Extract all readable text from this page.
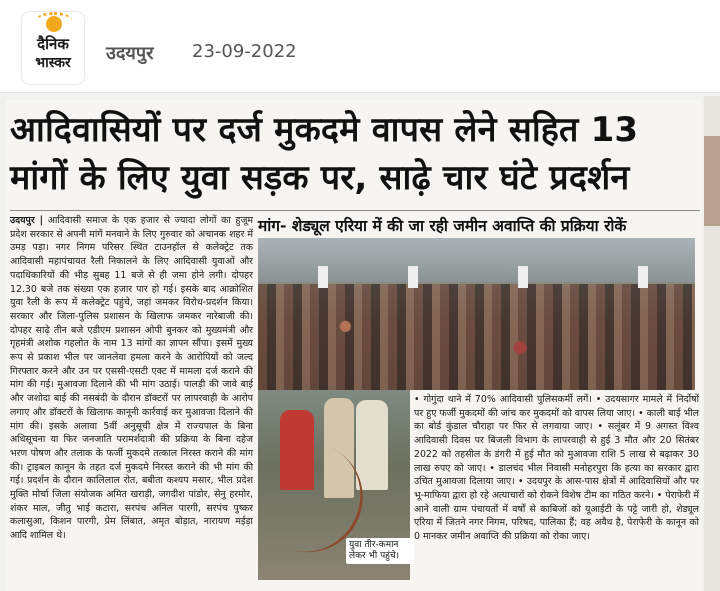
दैनिक
भास्कर	उदयपुर 23-09-2022
आदिवासियों पर दर्ज मुकदमे वापस लेने सहित 13
मांगों के लिए युवा सड़क पर, साढ़े चार घंटे प्रदर्शन
उदयपुर | आदिवासी समाज के एक हजार से ज्यादा लोगों का हुजूम प्रदेश सरकार से अपनी मांगें मनवाने के लिए गुरुवार को अचानक शहर में उमड़ पड़ा। नगर निगम परिसर स्थित टाउनहॉल से कलेक्ट्रेट तक आदिवासी महापंचायत रैली निकालने के लिए आदिवासी युवाओं और पदाधिकारियों की भीड़ सुबह 11 बजे से ही जमा होने लगी। दोपहर 12.30 बजे तक संख्या एक हजार पार हो गई। इसके बाद आक्रोशित युवा रैली के रूप में कलेक्ट्रेट पहुंचे, जहां जमकर विरोध-प्रदर्शन किया। सरकार और जिला-पुलिस प्रशासन के खिलाफ जमकर नारेबाजी की। दोपहर साढ़े तीन बजे एडीएम प्रशासन ओपी बुनकर को मुख्यमंत्री और गृहमंत्री अशोक गहलोत के नाम 13 मांगों का ज्ञापन सौंपा। इसमें मुख्य रूप से प्रकाश भील पर जानलेवा हमला करने के आरोपियों को जल्द गिरफ्तार करने और उन पर एससी-एसटी एक्ट में मामला दर्ज कराने की मांग की गई। मुआवजा दिलाने की भी मांग उठाई। पालड़ी की जावे बाई और जशोदा बाई की नसबंदी के दौरान डॉक्टरों पर लापरवाही के आरोप लगाए और डॉक्टरों के खिलाफ कानूनी कार्रवाई कर मुआवजा दिलाने की मांग की। इसके अलावा 5वीं अनुसूची क्षेत्र में राज्यपाल के बिना अधिसूचना या फिर जनजाति परामर्शदात्री की प्रक्रिया के बिना दहेज भरण पोषण और तलाक के फर्जी मुकदमे तत्काल निरस्त कराने की मांग की। ट्राइबल कानून के तहत दर्ज मुकदमे निरस्त कराने की भी मांग की गई। प्रदर्शन के दौरान कालिलाल रोत, बबीता कश्यप मसार, भील प्रदेश मुक्ति मोर्चा जिला संयोजक अमित खराड़ी, जगदीश पांडोर, सेनु हरमोर, शंकर माल, जीतु भाई कटारा, सरपंच अनिल पारगी, सरपंच पुष्कर कलासुआ, किशन पारगी, प्रेम लिंबात, अमृत बोड़ात, नारायण मईड़ा आदि शामिल थे।
मांग- शेड्यूल एरिया में की जा रही जमीन अवाप्ति की प्रक्रिया रोकें
युवा तीर-कमान लेकर भी पहुंचे।
• गोगुंदा थाने में 70% आदिवासी पुलिसकर्मी लगें। • उदयसागर मामले में निर्दोषों पर हुए फर्जी मुकदमों की जांच कर मुकदमों को वापस लिया जाए। • काली बाई भील का बोर्ड कुंडाल चौराहा पर फिर से लगवाया जाए। • सलूंबर में 9 अगस्त विश्व आदिवासी दिवस पर बिजली विभाग के लापरवाही से हुई 3 मौत और 20 सितंबर 2022 को तहसील के डंगरी में हुई मौत को मुआवजा राशि 5 लाख से बढ़ाकर 30 लाख रुपए को जाए। • डालचंद भील निवासी मनोहरपुरा कि हत्या का सरकार द्वारा उचित मुआवजा दिलाया जाए। • उदयपुर के आस-पास क्षेत्रों में आदिवासियों और पर भू-माफिया द्वारा हो रहे अत्याचारों को रोकने विशेष टीम का गठित करने। • पेराफेरी में आने वाली ग्राम पंचायतों में वर्षों से काबिजों को यूआईटी के पट्टे जारी हो, शेड्यूल एरिया में जितने नगर निगम, परिषद, पालिका हैं; वह अवैध है, पेराफेरी के कानून को 0 मानकर जमीन अवाप्ति की प्रक्रिया को रोका जाए।
